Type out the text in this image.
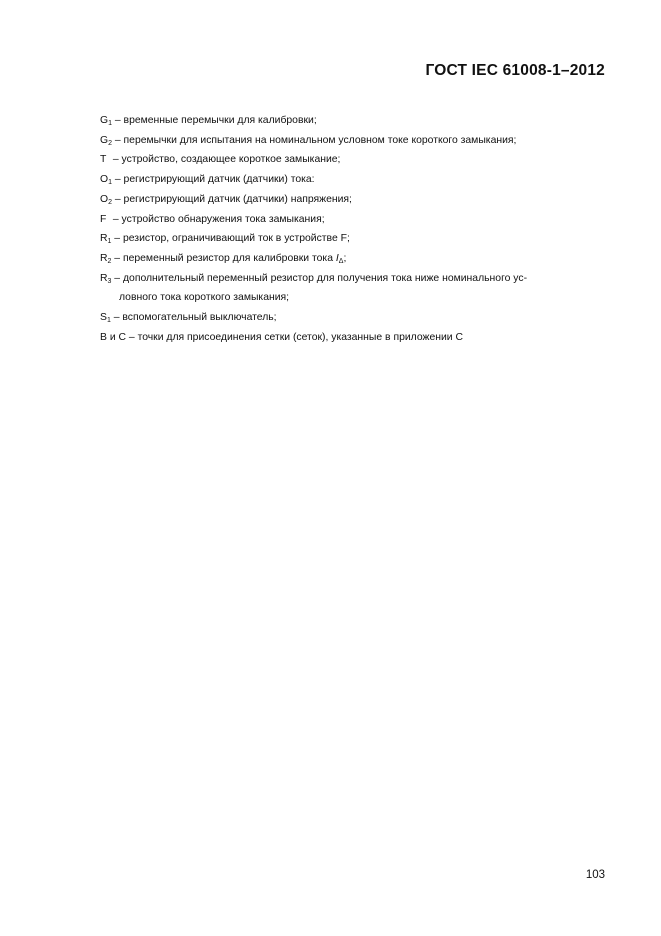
ГОСТ IEC 61008-1–2012
$G_1$ – временные перемычки для калибровки;
$G_2$ – перемычки для испытания на номинальном условном токе короткого замыкания;
T – устройство, создающее короткое замыкание;
$O_1$ – регистрирующий датчик (датчики) тока:
$O_2$ – регистрирующий датчик (датчики) напряжения;
F – устройство обнаружения тока замыкания;
$R_1$ – резистор, ограничивающий ток в устройстве F;
$R_2$ – переменный резистор для калибровки тока $I_\Delta$;
$R_3$ – дополнительный переменный резистор для получения тока ниже номинального ус-
ловного тока короткого замыкания;
$S_1$ – вспомогательный выключатель;
B и C – точки для присоединения сетки (сеток), указанные в приложении C
103
